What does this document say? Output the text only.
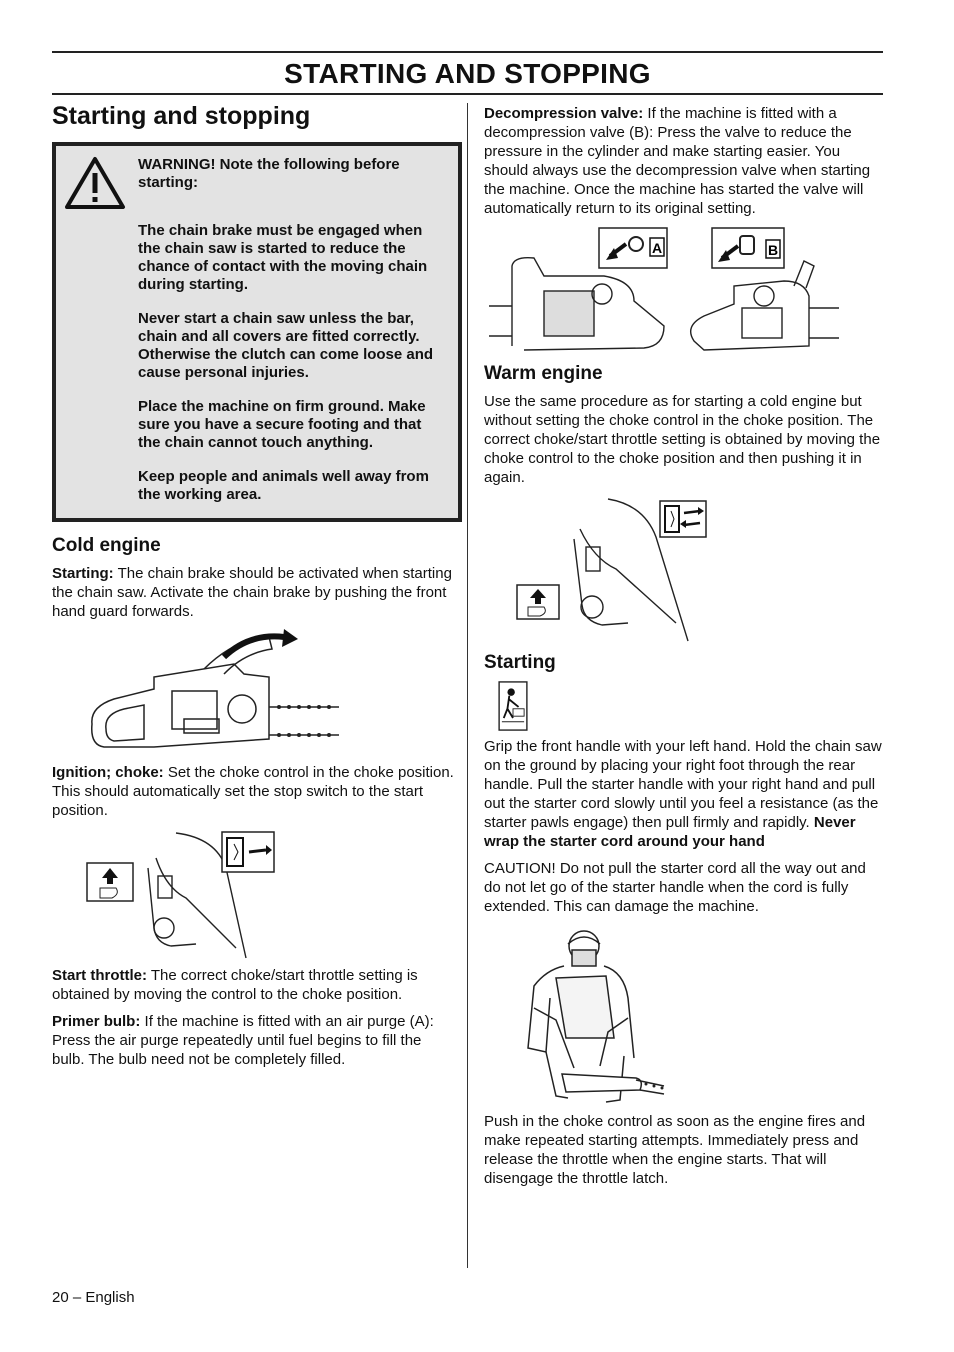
STARTING AND STOPPING
Starting and stopping

WARNING! Note the following before starting:

The chain brake must be engaged when the chain saw is started to reduce the chance of contact with the moving chain during starting.

Never start a chain saw unless the bar, chain and all covers are fitted correctly. Otherwise the clutch can come loose and cause personal injuries.

Place the machine on firm ground. Make sure you have a secure footing and that the chain cannot touch anything.

Keep people and animals well away from the working area.

Cold engine

Starting: The chain brake should be activated when starting the chain saw. Activate the chain brake by pushing the front hand guard forwards.

Ignition; choke: Set the choke control in the choke position. This should automatically set the stop switch to the start position.

Start throttle: The correct choke/start throttle setting is obtained by moving the control to the choke position.

Primer bulb: If the machine is fitted with an air purge (A): Press the air purge repeatedly until fuel begins to fill the bulb. The bulb need not be completely filled.

Decompression valve: If the machine is fitted with a decompression valve (B): Press the valve to reduce the pressure in the cylinder and make starting easier. You should always use the decompression valve when starting the machine. Once the machine has started the valve will automatically return to its original setting.

A	B
Warm engine

Use the same procedure as for starting a cold engine but without setting the choke control in the choke position. The correct choke/start throttle setting is obtained by moving the choke control to the choke position and then pushing it in again.

Starting

Grip the front handle with your left hand. Hold the chain saw on the ground by placing your right foot through the rear handle. Pull the starter handle with your right hand and pull out the starter cord slowly until you feel a resistance (as the starter pawls engage) then pull firmly and rapidly. Never wrap the starter cord around your hand

CAUTION! Do not pull the starter cord all the way out and do not let go of the starter handle when the cord is fully extended. This can damage the machine.

Push in the choke control as soon as the engine fires and make repeated starting attempts. Immediately press and release the throttle when the engine starts. That will disengage the throttle latch.

20 – English
